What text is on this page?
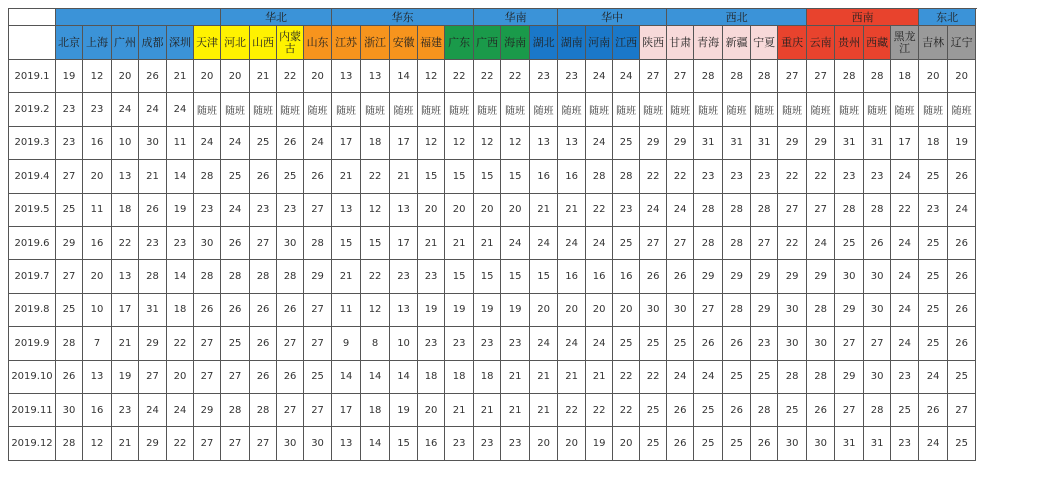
							华北				华东					华南			华中				西北					西南				东北	
	北京	上海	广州	成都	深圳	天津	河北	山西	内蒙古	山东	江苏	浙江	安徽	福建	广东	广西	海南	湖北	湖南	河南	江西	陕西	甘肃	青海	新疆	宁夏	重庆	云南	贵州	西藏	黑龙江	吉林	辽宁
2019.1	19	12	20	26	21	20	20	21	22	20	13	13	14	12	22	22	22	23	23	24	24	27	27	28	28	28	27	27	28	28	18	20	20
2019.2	23	23	24	24	24	随班	随班	随班	随班	随班	随班	随班	随班	随班	随班	随班	随班	随班	随班	随班	随班	随班	随班	随班	随班	随班	随班	随班	随班	随班	随班	随班	随班
2019.3	23	16	10	30	11	24	24	25	26	24	17	18	17	12	12	12	12	13	13	24	25	29	29	31	31	31	29	29	31	31	17	18	19
2019.4	27	20	13	21	14	28	25	26	25	26	21	22	21	15	15	15	15	16	16	28	28	22	22	23	23	23	22	22	23	23	24	25	26
2019.5	25	11	18	26	19	23	24	23	23	27	13	12	13	20	20	20	20	21	21	22	23	24	24	28	28	28	27	27	28	28	22	23	24
2019.6	29	16	22	23	23	30	26	27	30	28	15	15	17	21	21	21	24	24	24	24	25	27	27	28	28	27	22	24	25	26	24	25	26
2019.7	27	20	13	28	14	28	28	28	28	29	21	22	23	23	15	15	15	15	16	16	16	26	26	29	29	29	29	29	30	30	24	25	26
2019.8	25	10	17	31	18	26	26	26	26	27	11	12	13	19	19	19	19	20	20	20	20	30	30	27	28	29	30	28	29	30	24	25	26
2019.9	28	7	21	29	22	27	25	26	27	27	9	8	10	23	23	23	23	24	24	24	25	25	25	26	26	23	30	30	27	27	24	25	26
2019.10	26	13	19	27	20	27	27	26	26	25	14	14	14	18	18	18	21	21	21	21	22	22	24	24	25	25	28	28	29	30	23	24	25
2019.11	30	16	23	24	24	29	28	28	27	27	17	18	19	20	21	21	21	21	22	22	22	25	26	25	26	28	25	26	27	28	25	26	27
2019.12	28	12	21	29	22	27	27	27	30	30	13	14	15	16	23	23	23	20	20	19	20	25	26	25	25	26	30	30	31	31	23	24	25
